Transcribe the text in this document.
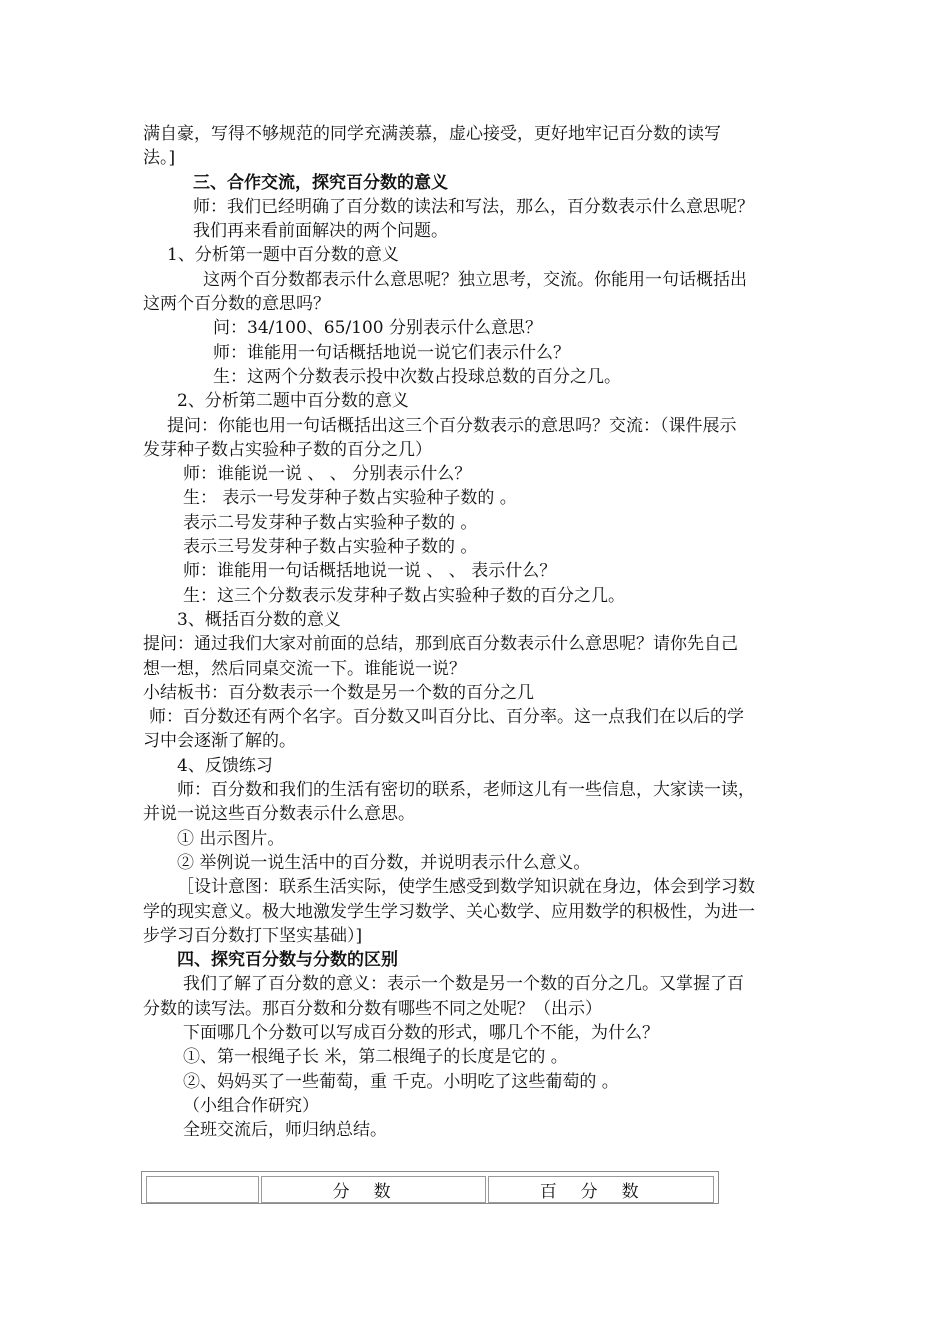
满自豪，写得不够规范的同学充满羡慕，虚心接受，更好地牢记百分数的读写
法。]
三、合作交流，探究百分数的意义
师：我们已经明确了百分数的读法和写法，那么，百分数表示什么意思呢？
我们再来看前面解决的两个问题。
1、分析第一题中百分数的意义
这两个百分数都表示什么意思呢？独立思考，交流。你能用一句话概括出
这两个百分数的意思吗？
问：34/100、65/100 分别表示什么意思？
师：谁能用一句话概括地说一说它们表示什么？
生：这两个分数表示投中次数占投球总数的百分之几。
2、分析第二题中百分数的意义
提问：你能也用一句话概括出这三个百分数表示的意思吗？交流：（课件展示
发芽种子数占实验种子数的百分之几）
师：谁能说一说 、 、 分别表示什么？
生： 表示一号发芽种子数占实验种子数的 。
表示二号发芽种子数占实验种子数的 。
表示三号发芽种子数占实验种子数的 。
师：谁能用一句话概括地说一说 、 、 表示什么？
生：这三个分数表示发芽种子数占实验种子数的百分之几。
3、概括百分数的意义
提问：通过我们大家对前面的总结，那到底百分数表示什么意思呢？请你先自己
想一想，然后同桌交流一下。谁能说一说？
小结板书：百分数表示一个数是另一个数的百分之几
师：百分数还有两个名字。百分数又叫百分比、百分率。这一点我们在以后的学
习中会逐渐了解的。
4、反馈练习
师：百分数和我们的生活有密切的联系，老师这儿有一些信息，大家读一读，
并说一说这些百分数表示什么意思。
① 出示图片。
② 举例说一说生活中的百分数，并说明表示什么意义。
［设计意图：联系生活实际，使学生感受到数学知识就在身边，体会到学习数
学的现实意义。极大地激发学生学习数学、关心数学、应用数学的积极性，为进一
步学习百分数打下坚实基础）]
四、探究百分数与分数的区别
我们了解了百分数的意义：表示一个数是另一个数的百分之几。又掌握了百
分数的读写法。那百分数和分数有哪些不同之处呢？（出示）
下面哪几个分数可以写成百分数的形式，哪几个不能，为什么？
①、第一根绳子长 米，第二根绳子的长度是它的 。
②、妈妈买了一些葡萄，重 千克。小明吃了这些葡萄的 。
（小组合作研究）
全班交流后，师归纳总结。
	分数	百分数
